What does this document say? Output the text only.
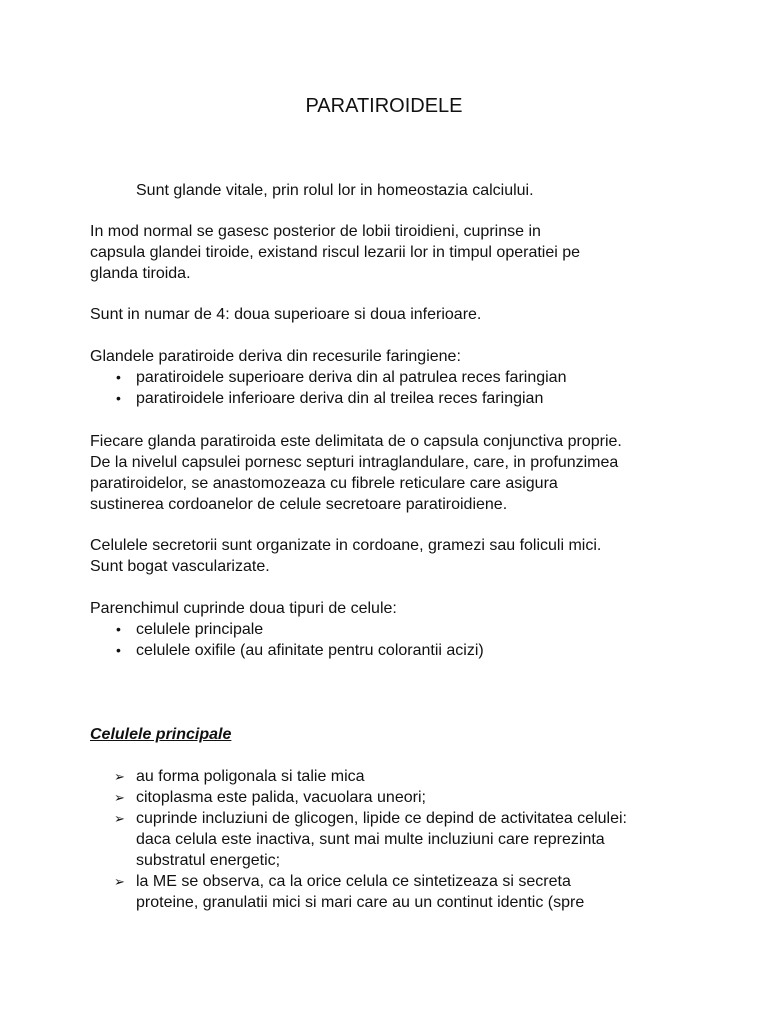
PARATIROIDELE

Sunt glande vitale, prin rolul lor in homeostazia calciului.

In mod normal se gasesc posterior de lobii tiroidieni, cuprinse in
capsula glandei tiroide, existand riscul lezarii lor in timpul operatiei pe
glanda tiroida.
Sunt in numar de 4: doua superioare si doua inferioare.
Glandele paratiroide deriva din recesurile faringiene:
• paratiroidele superioare deriva din al patrulea reces faringian
• paratiroidele inferioare deriva din al treilea reces faringian
Fiecare glanda paratiroida este delimitata de o capsula conjunctiva proprie.
De la nivelul capsulei pornesc septuri intraglandulare, care, in profunzimea
paratiroidelor, se anastomozeaza cu fibrele reticulare care asigura
sustinerea cordoanelor de celule secretoare paratiroidiene.
Celulele secretorii sunt organizate in cordoane, gramezi sau foliculi mici.
Sunt bogat vascularizate.
Parenchimul cuprinde doua tipuri de celule:
• celulele principale
• celulele oxifile (au afinitate pentru colorantii acizi)
Celulele principale
➢ au forma poligonala si talie mica
➢ citoplasma este palida, vacuolara uneori;
➢ cuprinde incluziuni de glicogen, lipide ce depind de activitatea celulei:
daca celula este inactiva, sunt mai multe incluziuni care reprezinta
substratul energetic;
➢ la ME se observa, ca la orice celula ce sintetizeaza si secreta
proteine, granulatii mici si mari care au un continut identic (spre
